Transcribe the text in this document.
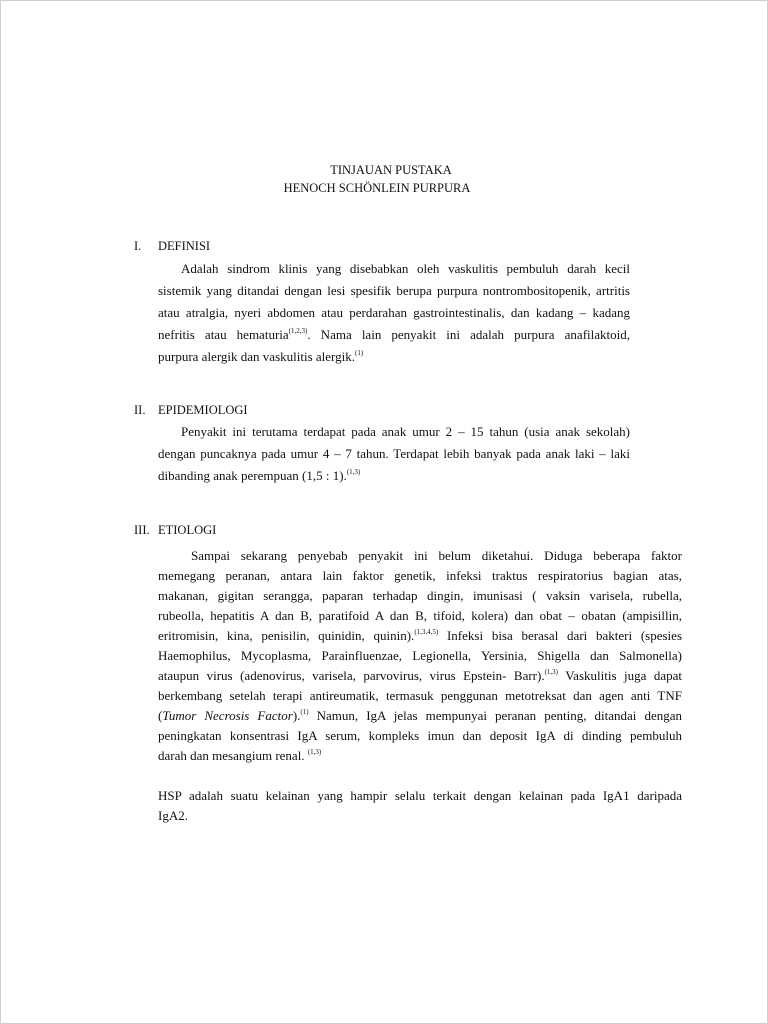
TINJAUAN PUSTAKA
HENOCH SCHÖNLEIN PURPURA
I. DEFINISI
Adalah sindrom klinis yang disebabkan oleh vaskulitis pembuluh darah kecil
sistemik yang ditandai dengan lesi spesifik berupa purpura nontrombositopenik, artritis
atau atralgia, nyeri abdomen atau perdarahan gastrointestinalis, dan kadang – kadang
nefritis atau hematuria$^{(1,2,3)}$. Nama lain penyakit ini adalah purpura anafilaktoid,
purpura alergik dan vaskulitis alergik.$^{(1)}$
II. EPIDEMIOLOGI
Penyakit ini terutama terdapat pada anak umur 2 – 15 tahun (usia anak sekolah)
dengan puncaknya pada umur 4 – 7 tahun. Terdapat lebih banyak pada anak laki – laki
dibanding anak perempuan (1,5 : 1).$^{(1,3)}$
III. ETIOLOGI
Sampai sekarang penyebab penyakit ini belum diketahui. Diduga beberapa faktor
memegang peranan, antara lain faktor genetik, infeksi traktus respiratorius bagian atas,
makanan, gigitan serangga, paparan terhadap dingin, imunisasi ( vaksin varisela, rubella,
rubeolla, hepatitis A dan B, paratifoid A dan B, tifoid, kolera) dan obat – obatan (ampisillin,
eritromisin, kina, penisilin, quinidin, quinin).$^{(1,3,4,5)}$ Infeksi bisa berasal dari bakteri (spesies
Haemophilus, Mycoplasma, Parainfluenzae, Legionella, Yersinia, Shigella dan Salmonella)
ataupun virus (adenovirus, varisela, parvovirus, virus Epstein- Barr).$^{(1,3)}$ Vaskulitis juga dapat
berkembang setelah terapi antireumatik, termasuk penggunan metotreksat dan agen anti TNF
(Tumor Necrosis Factor).$^{(1)}$ Namun, IgA jelas mempunyai peranan penting, ditandai dengan
peningkatan konsentrasi IgA serum, kompleks imun dan deposit IgA di dinding pembuluh
darah dan mesangium renal. $^{(1,3)}$
HSP adalah suatu kelainan yang hampir selalu terkait dengan kelainan pada IgA1 daripada
IgA2.
